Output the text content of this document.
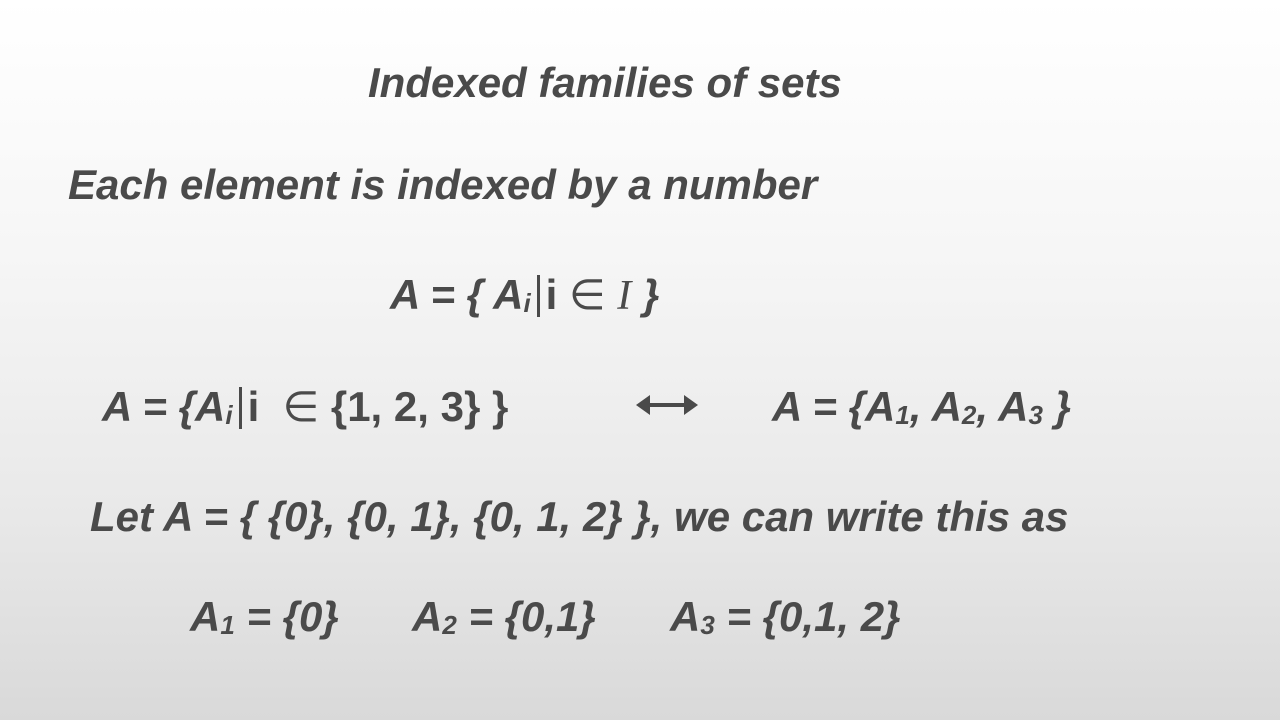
Indexed families of sets
Each element is indexed by a number
A = { Ai i ∈ I }
A = {Ai i ∈ {1, 2, 3} }	A = {A1, A2, A3 }
Let A = { {0}, {0, 1}, {0, 1, 2} }, we can write this as
A1 = {0} A2 = {0,1} A3 = {0,1, 2}
